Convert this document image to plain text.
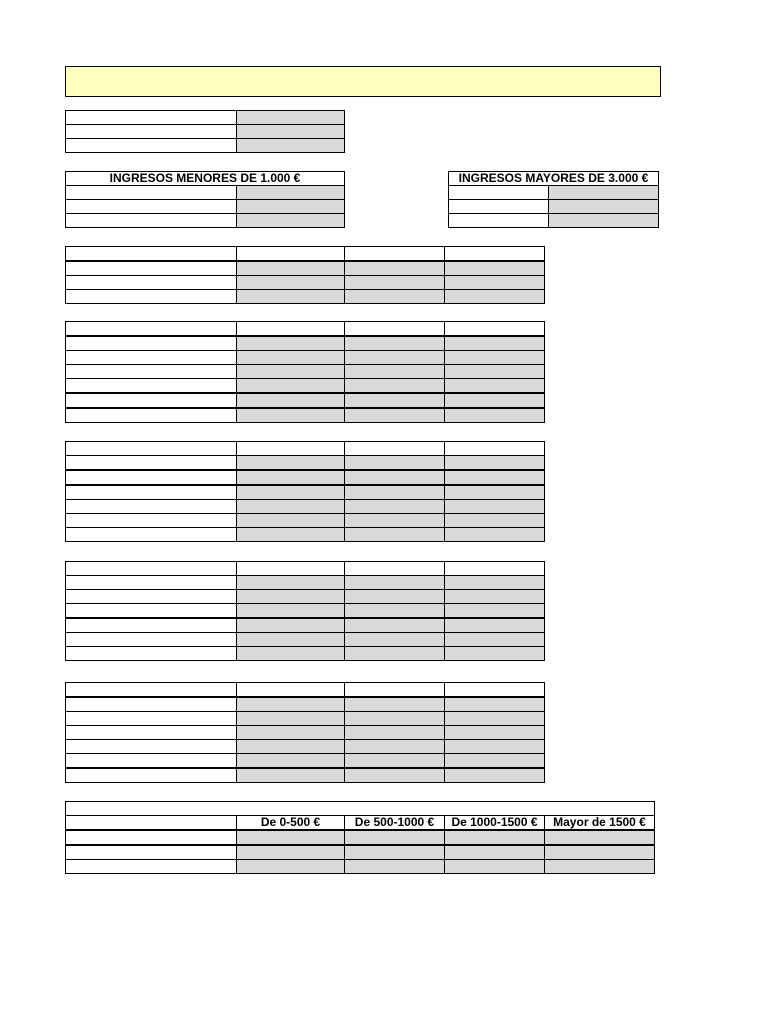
INGRESOS MENORES DE 1.000 €	

		INGRESOS MAYORES DE 3.000 €	

	De 0-500 €	De 500-1000 €	De 1000-1500 €	Mayor de 1500 €
